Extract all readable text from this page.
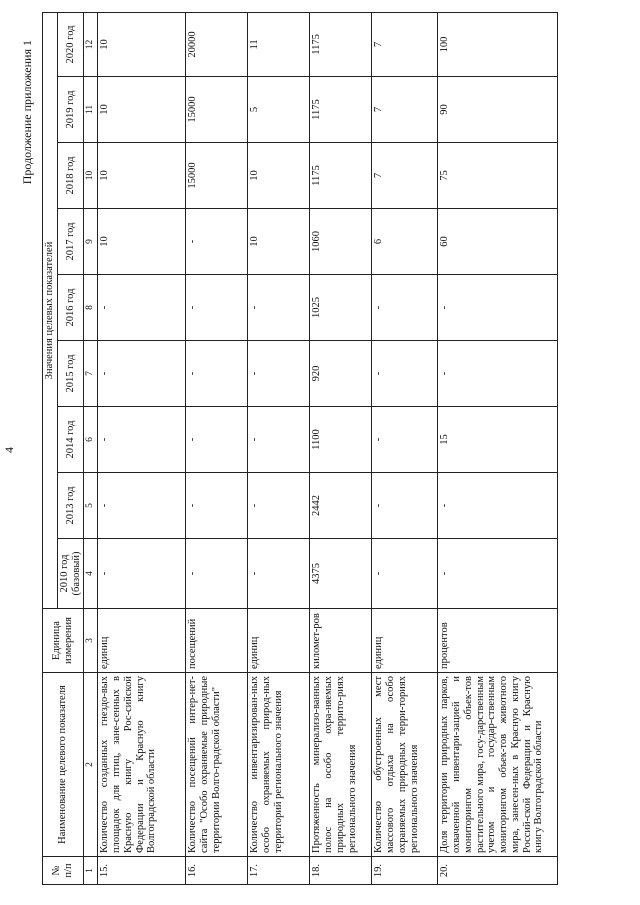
4
Продолжение приложения 1
№ п/п	Наименование целевого показателя	Единица измерения	Значения целевых показателей								
			2010 год (базовый)	2013 год	2014 год	2015 год	2016 год	2017 год	2018 год	2019 год	2020 год
1	2	3	4	5	6	7	8	9	10	11	12
15.	Количество созданных гнездо-вых площадок для птиц, зане-сенных в Красную книгу Рос-сийской Федерации и Красную книгу Волгоградской области	единиц	-	-	-	-	-	10	10	10	10
16.	Количество посещений интер-нет-сайта "Особо охраняемые природные территории Волго-градской области"	посещений	-	-	-	-	-	-	15000	15000	20000
17.	Количество инвентаризирован-ных особо охраняемых природ-ных территорий регионального значения	единиц	-	-	-	-	-	10	10	5	11
18.	Протяженность минерализо-ванных полос на особо охра-няемых природных террито-риях регионального значения	километ-ров	4375	2442	1100	920	1025	1060	1175	1175	1175
19.	Количество обустроенных мест массового отдыха на особо охраняемых природных терри-ториях регионального значения	единиц	-	-	-	-	-	6	7	7	7
20.	Доля территории природных парков, охваченной инвентари-зацией и мониторингом объек-тов растительного мира, госу-дарственным учетом и государ-ственным мониторингом объек-тов животного мира, занесен-ных в Красную книгу Россий-ской Федерации и Красную книгу Волгоградской области	процентов	-	-	15	-	-	60	75	90	100
